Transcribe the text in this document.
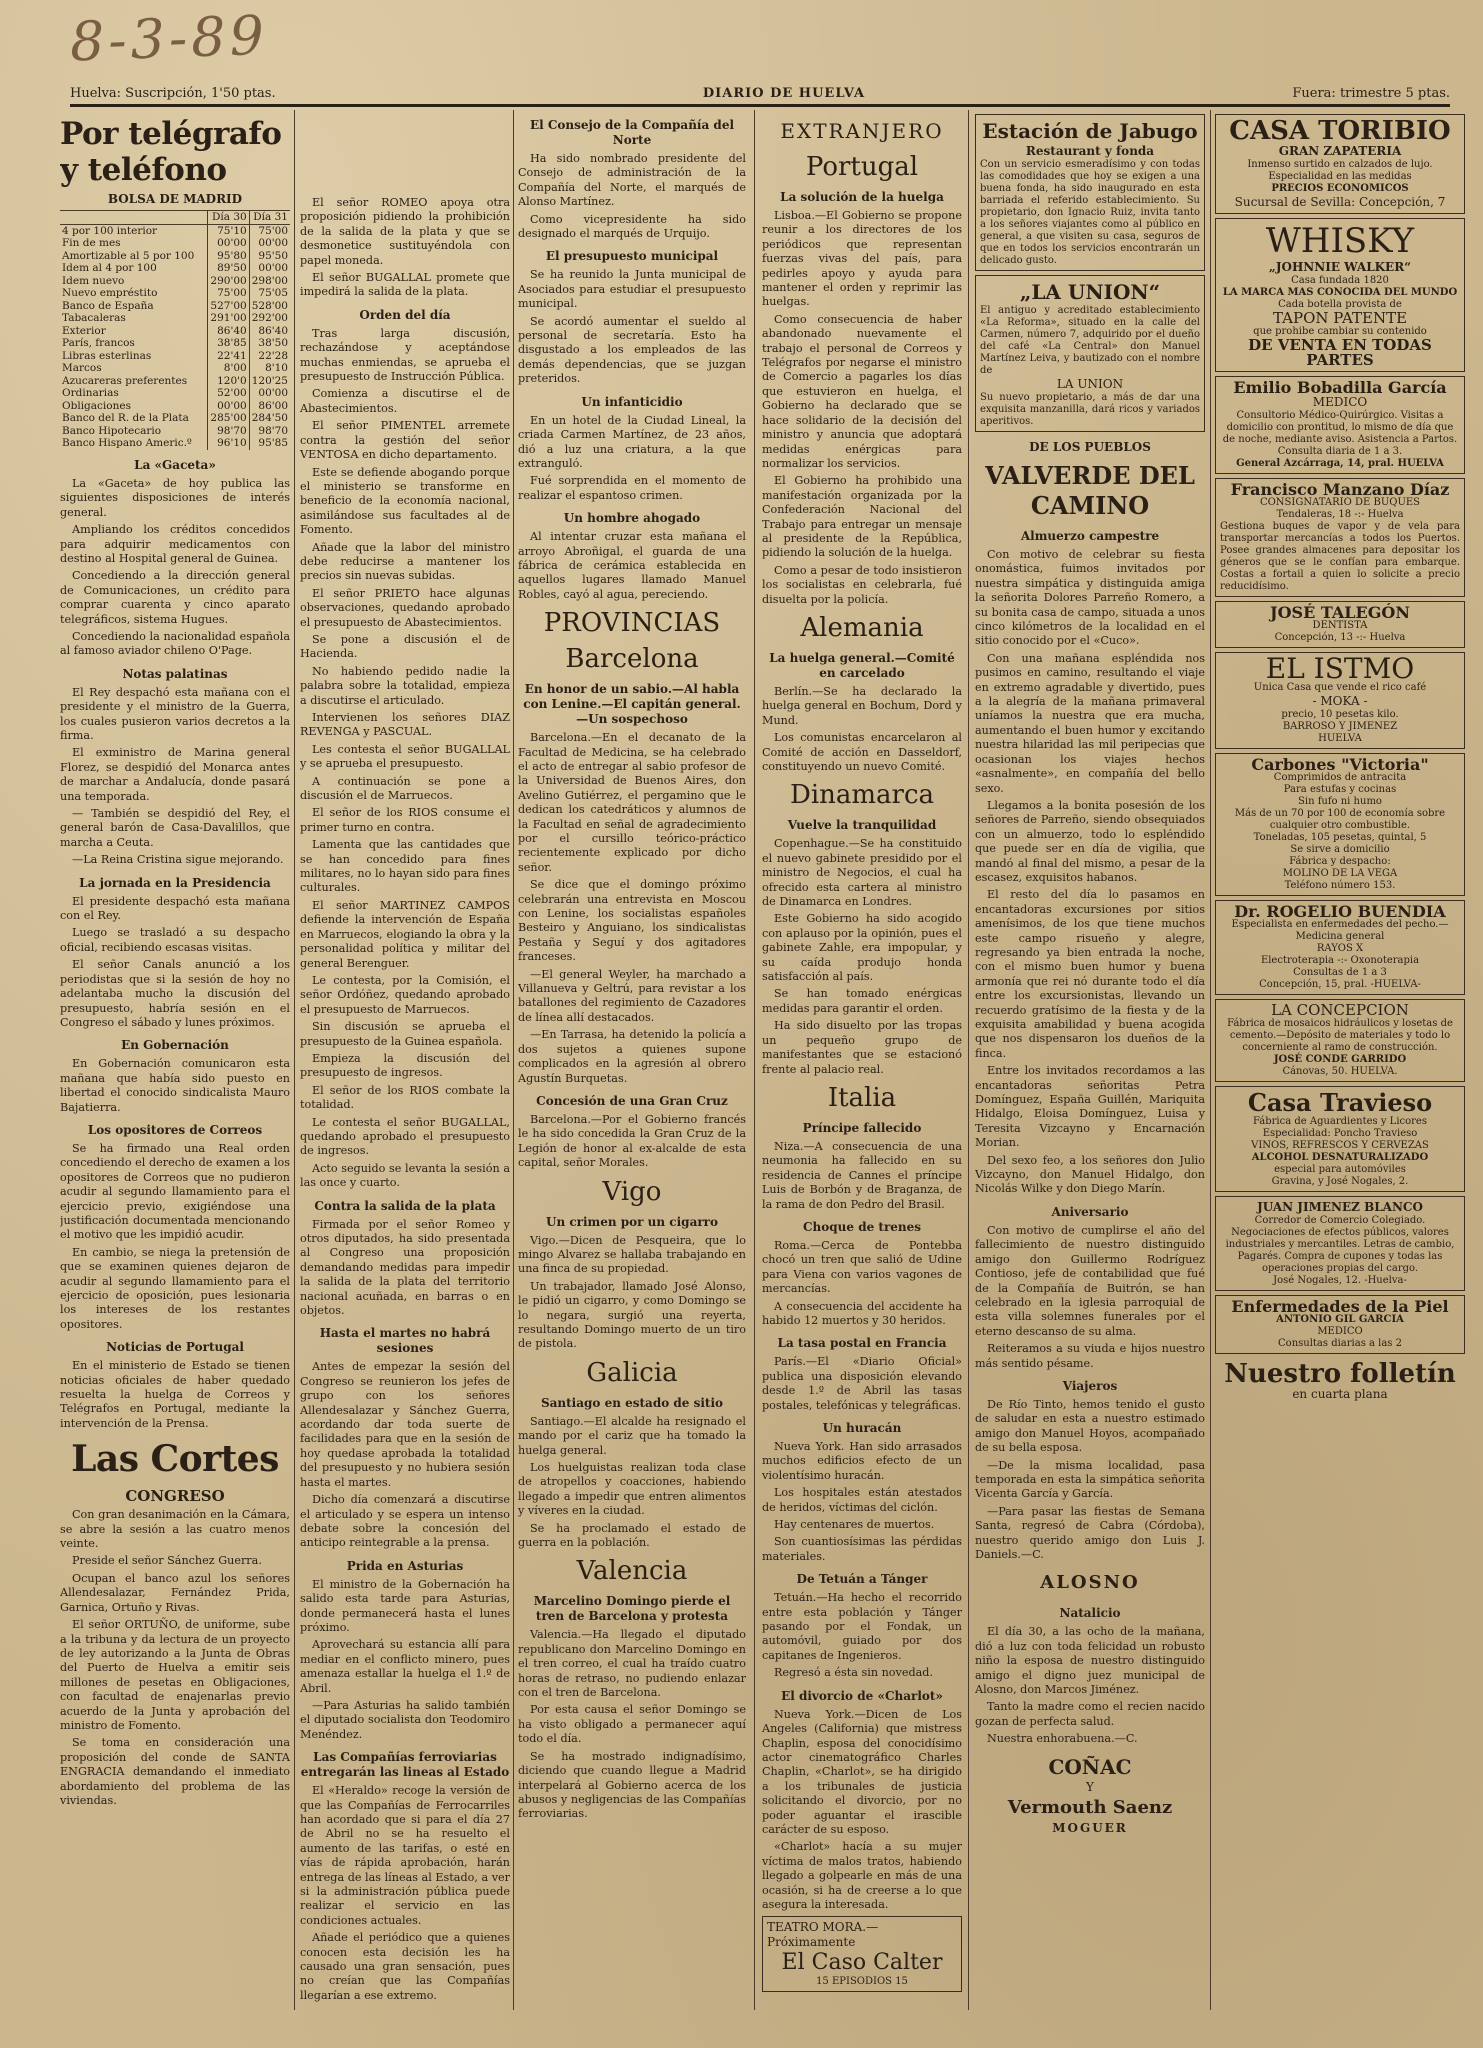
8-3-89
Huelva: Suscripción, 1'50 ptas.	DIARIO DE HUELVA	Fuera: trimestre 5 ptas.
Por telégrafo y teléfono
BOLSA DE MADRID
	Día 30	Día 31
4 por 100 interior	75'10	75'00
Fin de mes	00'00	00'00
Amortizable al 5 por 100	95'80	95'50
Idem al 4 por 100	89'50	00'00
Idem nuevo	290'00	298'00
Nuevo empréstito	75'00	75'05
Banco de España	527'00	528'00
Tabacaleras	291'00	292'00
Exterior	86'40	86'40
París, francos	38'85	38'50
Libras esterlinas	22'41	22'28
Marcos	8'00	8'10
Azucareras preferentes	120'0	120'25
Ordinarias	52'00	00'00
Obligaciones	00'00	86'00
Banco del R. de la Plata	285'00	284'50
Banco Hipotecario	98'70	98'70
Banco Hispano Americ.º	96'10	95'85
La «Gaceta»

La «Gaceta» de hoy publica las siguientes disposiciones de interés general.

Ampliando los créditos concedidos para adquirir medicamentos con destino al Hospital general de Guinea.

Concediendo a la dirección general de Comunicaciones, un crédito para comprar cuarenta y cinco aparato telegráficos, sistema Hugues.

Concediendo la nacionalidad española al famoso aviador chileno O'Page.

Notas palatinas

El Rey despachó esta mañana con el presidente y el ministro de la Guerra, los cuales pusieron varios decretos a la firma.

El exministro de Marina general Florez, se despidió del Monarca antes de marchar a Andalucía, donde pasará una temporada.

— También se despidió del Rey, el general barón de Casa-Davalillos, que marcha a Ceuta.

—La Reina Cristina sigue mejorando.

La jornada en la Presidencia

El presidente despachó esta mañana con el Rey.

Luego se trasladó a su despacho oficial, recibiendo escasas visitas.

El señor Canals anunció a los periodistas que si la sesión de hoy no adelantaba mucho la discusión del presupuesto, habría sesión en el Congreso el sábado y lunes próximos.

En Gobernación

En Gobernación comunicaron esta mañana que había sido puesto en libertad el conocido sindicalista Mauro Bajatierra.

Los opositores de Correos

Se ha firmado una Real orden concediendo el derecho de examen a los opositores de Correos que no pudieron acudir al segundo llamamiento para el ejercicio previo, exigiéndose una justificación documentada mencionando el motivo que les impidió acudir.

En cambio, se niega la pretensión de que se examinen quienes dejaron de acudir al segundo llamamiento para el ejercicio de oposición, pues lesionaria los intereses de los restantes opositores.

Noticias de Portugal

En el ministerio de Estado se tienen noticias oficiales de haber quedado resuelta la huelga de Correos y Telégrafos en Portugal, mediante la intervención de la Prensa.

Las Cortes
CONGRESO

Con gran desanimación en la Cámara, se abre la sesión a las cuatro menos veinte.

Preside el señor Sánchez Guerra.

Ocupan el banco azul los señores Allendesalazar, Fernández Prida, Garnica, Ortuño y Rivas.

El señor ORTUÑO, de uniforme, sube a la tribuna y da lectura de un proyecto de ley autorizando a la Junta de Obras del Puerto de Huelva a emitir seis millones de pesetas en Obligaciones, con facultad de enajenarlas previo acuerdo de la Junta y aprobación del ministro de Fomento.

Se toma en consideración una proposición del conde de SANTA ENGRACIA demandando el inmediato abordamiento del problema de las viviendas.

El señor ROMEO apoya otra proposición pidiendo la prohibición de la salida de la plata y que se desmonetice sustituyéndola con papel moneda.

El señor BUGALLAL promete que impedirá la salida de la plata.

Orden del día

Tras larga discusión, rechazándose y aceptándose muchas enmiendas, se aprueba el presupuesto de Instrucción Pública.

Comienza a discutirse el de Abastecimientos.

El señor PIMENTEL arremete contra la gestión del señor VENTOSA en dicho departamento.

Este se defiende abogando porque el ministerio se transforme en beneficio de la economía nacional, asimilándose sus facultades al de Fomento.

Añade que la labor del ministro debe reducirse a mantener los precios sin nuevas subidas.

El señor PRIETO hace algunas observaciones, quedando aprobado el presupuesto de Abastecimientos.

Se pone a discusión el de Hacienda.

No habiendo pedido nadie la palabra sobre la totalidad, empieza a discutirse el articulado.

Intervienen los señores DIAZ REVENGA y PASCUAL.

Les contesta el señor BUGALLAL y se aprueba el presupuesto.

A continuación se pone a discusión el de Marruecos.

El señor de los RIOS consume el primer turno en contra.

Lamenta que las cantidades que se han concedido para fines militares, no lo hayan sido para fines culturales.

El señor MARTINEZ CAMPOS defiende la intervención de España en Marruecos, elogiando la obra y la personalidad política y militar del general Berenguer.

Le contesta, por la Comisión, el señor Ordóñez, quedando aprobado el presupuesto de Marruecos.

Sin discusión se aprueba el presupuesto de la Guinea española.

Empieza la discusión del presupuesto de ingresos.

El señor de los RIOS combate la totalidad.

Le contesta el señor BUGALLAL, quedando aprobado el presupuesto de ingresos.

Acto seguido se levanta la sesión a las once y cuarto.

Contra la salida de la plata

Firmada por el señor Romeo y otros diputados, ha sido presentada al Congreso una proposición demandando medidas para impedir la salida de la plata del territorio nacional acuñada, en barras o en objetos.

Hasta el martes no habrá sesiones

Antes de empezar la sesión del Congreso se reunieron los jefes de grupo con los señores Allendesalazar y Sánchez Guerra, acordando dar toda suerte de facilidades para que en la sesión de hoy quedase aprobada la totalidad del presupuesto y no hubiera sesión hasta el martes.

Dicho día comenzará a discutirse el articulado y se espera un intenso debate sobre la concesión del anticipo reintegrable a la prensa.

Prida en Asturias

El ministro de la Gobernación ha salido esta tarde para Asturias, donde permanecerá hasta el lunes próximo.

Aprovechará su estancia allí para mediar en el conflicto minero, pues amenaza estallar la huelga el 1.º de Abril.

—Para Asturias ha salido también el diputado socialista don Teodomiro Menéndez.

Las Compañías ferroviarias entregarán las lineas al Estado

El «Heraldo» recoge la versión de que las Compañías de Ferrocarriles han acordado que si para el día 27 de Abril no se ha resuelto el aumento de las tarifas, o esté en vías de rápida aprobación, harán entrega de las líneas al Estado, a ver si la administración pública puede realizar el servicio en las condiciones actuales.

Añade el periódico que a quienes conocen esta decisión les ha causado una gran sensación, pues no creían que las Compañías llegarían a ese extremo.

El Consejo de la Compañía del Norte

Ha sido nombrado presidente del Consejo de administración de la Compañía del Norte, el marqués de Alonso Martínez.

Como vicepresidente ha sido designado el marqués de Urquijo.

El presupuesto municipal

Se ha reunido la Junta municipal de Asociados para estudiar el presupuesto municipal.

Se acordó aumentar el sueldo al personal de secretaría. Esto ha disgustado a los empleados de las demás dependencias, que se juzgan preteridos.

Un infanticidio

En un hotel de la Ciudad Lineal, la criada Carmen Martínez, de 23 años, dió a luz una criatura, a la que extranguló.

Fué sorprendida en el momento de realizar el espantoso crimen.

Un hombre ahogado

Al intentar cruzar esta mañana el arroyo Abroñigal, el guarda de una fábrica de cerámica establecida en aquellos lugares llamado Manuel Robles, cayó al agua, pereciendo.

PROVINCIAS
Barcelona
En honor de un sabio.—Al habla con Lenine.—El capitán general.—Un sospechoso

Barcelona.—En el decanato de la Facultad de Medicina, se ha celebrado el acto de entregar al sabio profesor de la Universidad de Buenos Aires, don Avelino Gutiérrez, el pergamino que le dedican los catedráticos y alumnos de la Facultad en señal de agradecimiento por el cursillo teórico-práctico recientemente explicado por dicho señor.

Se dice que el domingo próximo celebrarán una entrevista en Moscou con Lenine, los socialistas españoles Besteiro y Anguiano, los sindicalistas Pestaña y Seguí y dos agitadores franceses.

—El general Weyler, ha marchado a Villanueva y Geltrú, para revistar a los batallones del regimiento de Cazadores de línea allí destacados.

—En Tarrasa, ha detenido la policía a dos sujetos a quienes supone complicados en la agresión al obrero Agustín Burquetas.

Concesión de una Gran Cruz

Barcelona.—Por el Gobierno francés le ha sido concedida la Gran Cruz de la Legión de honor al ex-alcalde de esta capital, señor Morales.

Vigo
Un crimen por un cigarro

Vigo.—Dicen de Pesqueira, que lo mingo Alvarez se hallaba trabajando en una finca de su propiedad.

Un trabajador, llamado José Alonso, le pidió un cigarro, y como Domingo se lo negara, surgió una reyerta, resultando Domingo muerto de un tiro de pistola.

Galicia
Santiago en estado de sitio

Santiago.—El alcalde ha resignado el mando por el cariz que ha tomado la huelga general.

Los huelguistas realizan toda clase de atropellos y coacciones, habiendo llegado a impedir que entren alimentos y víveres en la ciudad.

Se ha proclamado el estado de guerra en la población.

Valencia
Marcelino Domingo pierde el tren de Barcelona y protesta

Valencia.—Ha llegado el diputado republicano don Marcelino Domingo en el tren correo, el cual ha traído cuatro horas de retraso, no pudiendo enlazar con el tren de Barcelona.

Por esta causa el señor Domingo se ha visto obligado a permanecer aquí todo el día.

Se ha mostrado indignadísimo, diciendo que cuando llegue a Madrid interpelará al Gobierno acerca de los abusos y negligencias de las Compañías ferroviarias.

EXTRANJERO
Portugal
La solución de la huelga

Lisboa.—El Gobierno se propone reunir a los directores de los periódicos que representan fuerzas vivas del país, para pedirles apoyo y ayuda para mantener el orden y reprimir las huelgas.

Como consecuencia de haber abandonado nuevamente el trabajo el personal de Correos y Telégrafos por negarse el ministro de Comercio a pagarles los días que estuvieron en huelga, el Gobierno ha declarado que se hace solidario de la decisión del ministro y anuncia que adoptará medidas enérgicas para normalizar los servicios.

El Gobierno ha prohibido una manifestación organizada por la Confederación Nacional del Trabajo para entregar un mensaje al presidente de la República, pidiendo la solución de la huelga.

Como a pesar de todo insistieron los socialistas en celebrarla, fué disuelta por la policía.

Alemania
La huelga general.—Comité en carcelado

Berlín.—Se ha declarado la huelga general en Bochum, Dord y Mund.

Los comunistas encarcelaron al Comité de acción en Dasseldorf, constituyendo un nuevo Comité.

Dinamarca
Vuelve la tranquilidad

Copenhague.—Se ha constituido el nuevo gabinete presidido por el ministro de Negocios, el cual ha ofrecido esta cartera al ministro de Dinamarca en Londres.

Este Gobierno ha sido acogido con aplauso por la opinión, pues el gabinete Zahle, era impopular, y su caída produjo honda satisfacción al país.

Se han tomado enérgicas medidas para garantir el orden.

Ha sido disuelto por las tropas un pequeño grupo de manifestantes que se estacionó frente al palacio real.

Italia
Príncipe fallecido

Niza.—A consecuencia de una neumonia ha fallecido en su residencia de Cannes el príncipe Luis de Borbón y de Braganza, de la rama de don Pedro del Brasil.

Choque de trenes

Roma.—Cerca de Pontebba chocó un tren que salió de Udine para Viena con varios vagones de mercancías.

A consecuencia del accidente ha habido 12 muertos y 30 heridos.

La tasa postal en Francia

París.—El «Diario Oficial» publica una disposición elevando desde 1.º de Abril las tasas postales, telefónicas y telegráficas.

Un huracán

Nueva York. Han sido arrasados muchos edificios efecto de un violentísimo huracán.

Los hospitales están atestados de heridos, víctimas del ciclón.

Hay centenares de muertos.

Son cuantiosísimas las pérdidas materiales.

De Tetuán a Tánger

Tetuán.—Ha hecho el recorrido entre esta población y Tánger pasando por el Fondak, un automóvil, guiado por dos capitanes de Ingenieros.

Regresó a ésta sin novedad.

El divorcio de «Charlot»

Nueva York.—Dicen de Los Angeles (California) que mistress Chaplin, esposa del conocidísimo actor cinematográfico Charles Chaplin, «Charlot», se ha dirigido a los tribunales de justicia solicitando el divorcio, por no poder aguantar el irascible carácter de su esposo.

«Charlot» hacía a su mujer víctima de malos tratos, habiendo llegado a golpearle en más de una ocasión, si ha de creerse a lo que asegura la interesada.

TEATRO MORA.—Próximamente
El Caso Calter
15 EPISODIOS 15
Estación de Jabugo
Restaurant y fonda
Con un servicio esmeradísimo y con todas las comodidades que hoy se exigen a una buena fonda, ha sido inaugurado en esta barriada el referido establecimiento. Su propietario, don Ignacio Ruiz, invita tanto a los señores viajantes como al público en general, a que visiten su casa, seguros de que en todos los servicios encontrarán un delicado gusto.
„LA UNION“
El antiguo y acreditado establecimiento «La Reforma», situado en la calle del Carmen, número 7, adquirido por el dueño del café «La Central» don Manuel Martínez Leiva, y bautizado con el nombre de
LA UNION
Su nuevo propietario, a más de dar una exquisita manzanilla, dará ricos y variados aperitivos.
DE LOS PUEBLOS
VALVERDE DEL CAMINO
Almuerzo campestre

Con motivo de celebrar su fiesta onomástica, fuimos invitados por nuestra simpática y distinguida amiga la señorita Dolores Parreño Romero, a su bonita casa de campo, situada a unos cinco kilómetros de la localidad en el sitio conocido por el «Cuco».

Con una mañana espléndida nos pusimos en camino, resultando el viaje en extremo agradable y divertido, pues a la alegría de la mañana primaveral uníamos la nuestra que era mucha, aumentando el buen humor y excitando nuestra hilaridad las mil peripecias que ocasionan los viajes hechos «asnalmente», en compañía del bello sexo.

Llegamos a la bonita posesión de los señores de Parreño, siendo obsequiados con un almuerzo, todo lo espléndido que puede ser en día de vigilia, que mandó al final del mismo, a pesar de la escasez, exquisitos habanos.

El resto del día lo pasamos en encantadoras excursiones por sitios amenísimos, de los que tiene muchos este campo risueño y alegre, regresando ya bien entrada la noche, con el mismo buen humor y buena armonía que rei nó durante todo el día entre los excursionistas, llevando un recuerdo gratísimo de la fiesta y de la exquisita amabilidad y buena acogida que nos dispensaron los dueños de la finca.

Entre los invitados recordamos a las encantadoras señoritas Petra Domínguez, España Guillén, Mariquita Hidalgo, Eloisa Domínguez, Luisa y Teresita Vizcayno y Encarnación Morian.

Del sexo feo, a los señores don Julio Vizcayno, don Manuel Hidalgo, don Nicolás Wilke y don Diego Marín.

Aniversario

Con motivo de cumplirse el año del fallecimiento de nuestro distinguido amigo don Guillermo Rodríguez Contioso, jefe de contabilidad que fué de la Compañía de Buitrón, se han celebrado en la iglesia parroquial de esta villa solemnes funerales por el eterno descanso de su alma.

Reiteramos a su viuda e hijos nuestro más sentido pésame.

Viajeros

De Río Tinto, hemos tenido el gusto de saludar en esta a nuestro estimado amigo don Manuel Hoyos, acompañado de su bella esposa.

—De la misma localidad, pasa temporada en esta la simpática señorita Vicenta García y García.

—Para pasar las fiestas de Semana Santa, regresó de Cabra (Córdoba), nuestro querido amigo don Luis J. Daniels.—C.

ALOSNO
Natalicio

El día 30, a las ocho de la mañana, dió a luz con toda felicidad un robusto niño la esposa de nuestro distinguido amigo el digno juez municipal de Alosno, don Marcos Jiménez.

Tanto la madre como el recien nacido gozan de perfecta salud.

Nuestra enhorabuena.—C.

COÑAC
Y
Vermouth Saenz
MOGUER
CASA TORIBIO
GRAN ZAPATERIA
Inmenso surtido en calzados de lujo. Especialidad en las medidas
PRECIOS ECONOMICOS
Sucursal de Sevilla: Concepción, 7
WHISKY
„JOHNNIE WALKER“
Casa fundada 1820
LA MARCA MAS CONOCIDA DEL MUNDO
Cada botella provista de
TAPON PATENTE
que prohibe cambiar su contenido
DE VENTA EN TODAS PARTES
Emilio Bobadilla García
MEDICO
Consultorio Médico-Quirúrgico. Visitas a domicilio con prontitud, lo mismo de día que de noche, mediante aviso. Asistencia a Partos. Consulta diaria de 1 a 3.
General Azcárraga, 14, pral. HUELVA
Francisco Manzano Díaz
CONSIGNATARIO DE BUQUES
Tendaleras, 18 -:- Huelva
Gestiona buques de vapor y de vela para transportar mercancías a todos los Puertos. Posee grandes almacenes para depositar los géneros que se le confían para embarque. Costas a fortail a quien lo solicite a precio reducidísimo.
JOSÉ TALEGÓN
DENTISTA
Concepción, 13 -:- Huelva
EL ISTMO
Unica Casa que vende el rico café
- MOKA -
precio, 10 pesetas kilo.
BARROSO Y JIMENEZ
HUELVA
Carbones "Victoria"
Comprimidos de antracita
Para estufas y cocinas
Sin fufo ni humo
Más de un 70 por 100 de economía sobre cualquier otro combustible.
Toneladas, 105 pesetas, quintal, 5
Se sirve a domicilio
Fábrica y despacho:
MOLINO DE LA VEGA
Teléfono número 153.
Dr. ROGELIO BUENDIA
Especialista en enfermedades del pecho.—Medicina general
RAYOS X
Electroterapia -:- Oxonoterapia
Consultas de 1 a 3
Concepción, 15, pral. -HUELVA-
LA CONCEPCION
Fábrica de mosaicos hidráulicos y losetas de cemento.—Depósito de materiales y todo lo concerniente al ramo de construcción.
JOSÉ CONDE GARRIDO
Cánovas, 50. HUELVA.
Casa Travieso
Fábrica de Aguardientes y Licores
Especialidad: Poncho Travieso
VINOS, REFRESCOS Y CERVEZAS
ALCOHOL DESNATURALIZADO
especial para automóviles
Gravina, y José Nogales, 2.
JUAN JIMENEZ BLANCO
Corredor de Comercio Colegiado. Negociaciones de efectos públicos, valores industriales y mercantiles. Letras de cambio, Pagarés. Compra de cupones y todas las operaciones propias del cargo.
José Nogales, 12. -Huelva-
Enfermedades de la Piel
ANTONIO GIL GARCIA
MEDICO
Consultas diarias a las 2
Nuestro folletín
en cuarta plana
